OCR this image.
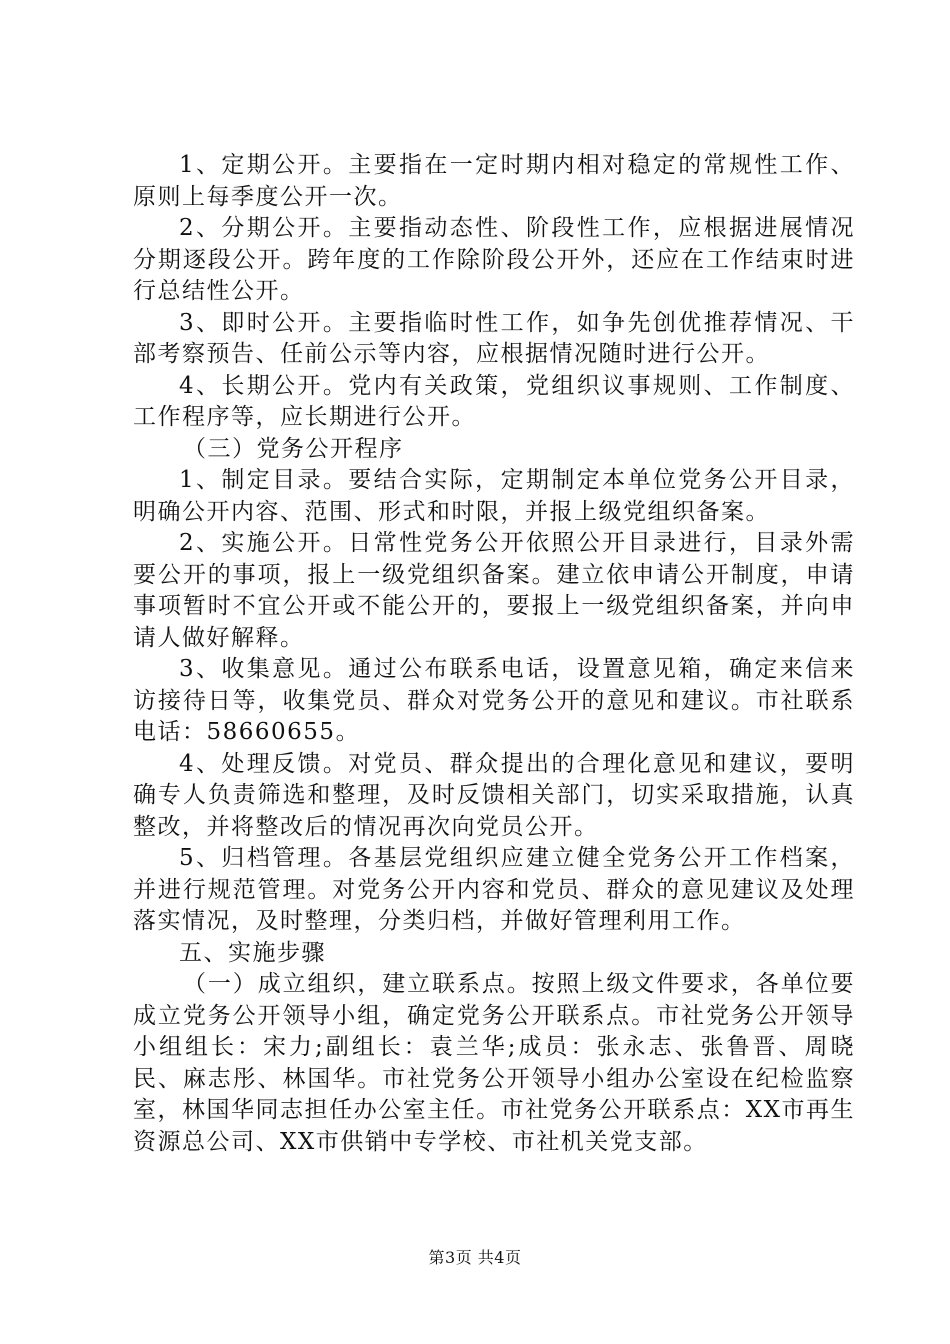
1、定期公开。主要指在一定时期内相对稳定的常规性工作、原则上每季度公开一次。

2、分期公开。主要指动态性、阶段性工作，应根据进展情况分期逐段公开。跨年度的工作除阶段公开外，还应在工作结束时进行总结性公开。

3、即时公开。主要指临时性工作，如争先创优推荐情况、干部考察预告、任前公示等内容，应根据情况随时进行公开。

4、长期公开。党内有关政策，党组织议事规则、工作制度、工作程序等，应长期进行公开。

（三）党务公开程序

1、制定目录。要结合实际，定期制定本单位党务公开目录，明确公开内容、范围、形式和时限，并报上级党组织备案。

2、实施公开。日常性党务公开依照公开目录进行，目录外需要公开的事项，报上一级党组织备案。建立依申请公开制度，申请事项暂时不宜公开或不能公开的，要报上一级党组织备案，并向申请人做好解释。

3、收集意见。通过公布联系电话，设置意见箱，确定来信来访接待日等，收集党员、群众对党务公开的意见和建议。市社联系电话：58660655。

4、处理反馈。对党员、群众提出的合理化意见和建议，要明确专人负责筛选和整理，及时反馈相关部门，切实采取措施，认真整改，并将整改后的情况再次向党员公开。

5、归档管理。各基层党组织应建立健全党务公开工作档案，并进行规范管理。对党务公开内容和党员、群众的意见建议及处理落实情况，及时整理，分类归档，并做好管理利用工作。

五、实施步骤

（一）成立组织，建立联系点。按照上级文件要求，各单位要成立党务公开领导小组，确定党务公开联系点。市社党务公开领导小组组长：宋力;副组长：袁兰华;成员：张永志、张鲁晋、周晓民、麻志彤、林国华。市社党务公开领导小组办公室设在纪检监察室，林国华同志担任办公室主任。市社党务公开联系点：XX市再生资源总公司、XX市供销中专学校、市社机关党支部。

第3页 共4页
